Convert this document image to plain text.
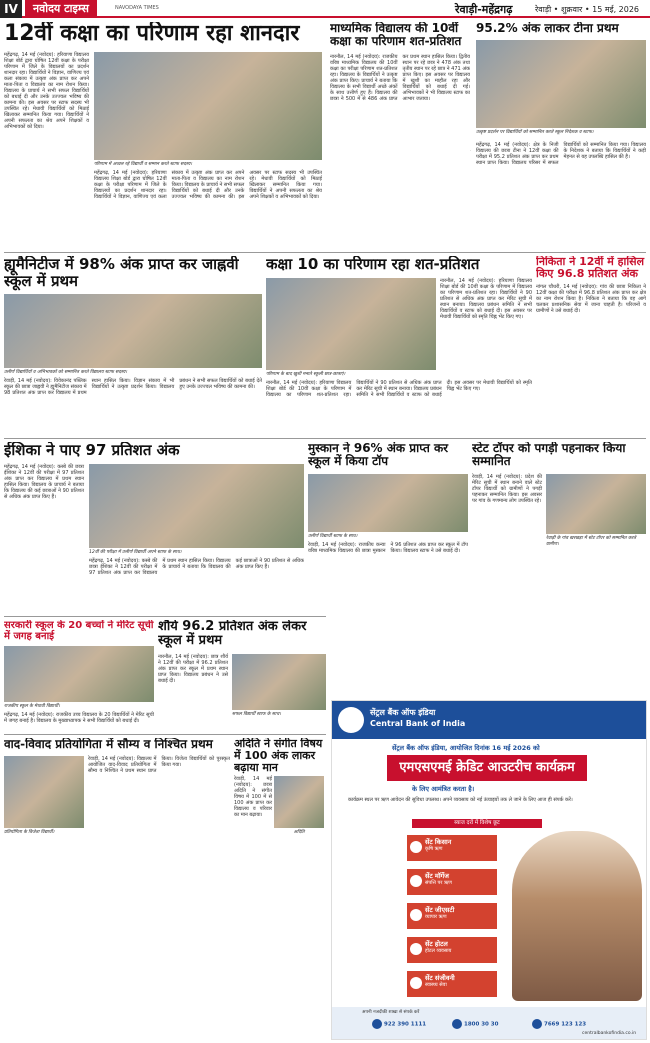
IV	नवोदय टाइम्स	NAVODAYA TIMES	रेवाड़ी-महेंद्रगढ़	रेवाड़ी • शुक्रवार • 15 मई, 2026
12वीं कक्षा का परिणाम रहा शानदार
महेंद्रगढ़, 14 मई (नवोदय): हरियाणा विद्यालय शिक्षा बोर्ड द्वारा घोषित 12वीं कक्षा के परीक्षा परिणाम में जिले के विद्यालयों का प्रदर्शन शानदार रहा। विद्यार्थियों ने विज्ञान, वाणिज्य एवं कला संकाय में उत्कृष्ट अंक प्राप्त कर अपने माता-पिता व विद्यालय का नाम रोशन किया। विद्यालय के प्राचार्य ने सभी सफल विद्यार्थियों को बधाई दी और उनके उज्ज्वल भविष्य की कामना की। इस अवसर पर स्टाफ सदस्य भी उपस्थित रहे। मेधावी विद्यार्थियों को मिठाई खिलाकर सम्मानित किया गया। विद्यार्थियों ने अपनी सफलता का श्रेय अपने शिक्षकों व अभिभावकों को दिया।
परिणाम में अव्वल रहे विद्यार्थी व सम्मान करते स्टाफ सदस्य।
महेंद्रगढ़, 14 मई (नवोदय): हरियाणा विद्यालय शिक्षा बोर्ड द्वारा घोषित 12वीं कक्षा के परीक्षा परिणाम में जिले के विद्यालयों का प्रदर्शन शानदार रहा। विद्यार्थियों ने विज्ञान, वाणिज्य एवं कला संकाय में उत्कृष्ट अंक प्राप्त कर अपने माता-पिता व विद्यालय का नाम रोशन किया। विद्यालय के प्राचार्य ने सभी सफल विद्यार्थियों को बधाई दी और उनके उज्ज्वल भविष्य की कामना की। इस अवसर पर स्टाफ सदस्य भी उपस्थित रहे। मेधावी विद्यार्थियों को मिठाई खिलाकर सम्मानित किया गया। विद्यार्थियों ने अपनी सफलता का श्रेय अपने शिक्षकों व अभिभावकों को दिया।
माध्यमिक विद्यालय की 10वीं कक्षा का परिणाम शत-प्रतिशत
नारनौल, 14 मई (नवोदय): राजकीय वरिष्ठ माध्यमिक विद्यालय की 10वीं कक्षा का परीक्षा परिणाम शत-प्रतिशत रहा। विद्यालय के विद्यार्थियों ने उत्कृष्ट अंक प्राप्त किए। प्राचार्य ने बताया कि विद्यालय के सभी विद्यार्थी अच्छे अंकों के साथ उत्तीर्ण हुए हैं। विद्यालय की छात्रा ने 500 में से 486 अंक प्राप्त कर प्रथम स्थान हासिल किया। द्वितीय स्थान पर रहे छात्र ने 478 अंक तथा तृतीय स्थान पर रहे छात्र ने 471 अंक प्राप्त किए। इस अवसर पर विद्यालय में खुशी का माहौल रहा और विद्यार्थियों को बधाई दी गई। अभिभावकों ने भी विद्यालय स्टाफ का आभार जताया।
95.2% अंक लाकर टीना प्रथम
उत्कृष्ट प्रदर्शन पर विद्यार्थियों को सम्मानित करते स्कूल निदेशक व स्टाफ।
महेंद्रगढ़, 14 मई (नवोदय): क्षेत्र के निजी विद्यालय की छात्रा टीना ने 12वीं कक्षा की परीक्षा में 95.2 प्रतिशत अंक प्राप्त कर प्रथम स्थान प्राप्त किया। विद्यालय परिसर में सफल विद्यार्थियों को सम्मानित किया गया। विद्यालय के निदेशक ने बताया कि विद्यार्थियों ने कड़ी मेहनत से यह उपलब्धि हासिल की है।
ह्यूमैनिटीज में 98% अंक प्राप्त कर जाह्नवी स्कूल में प्रथम
उत्तीर्ण विद्यार्थियों व अभिभावकों को सम्मानित करते विद्यालय स्टाफ सदस्य।
रेवाड़ी, 14 मई (नवोदय): विवेकानंद पब्लिक स्कूल की छात्रा जाह्नवी ने ह्यूमैनिटीज संकाय में 98 प्रतिशत अंक प्राप्त कर विद्यालय में प्रथम स्थान हासिल किया। विज्ञान संकाय में भी विद्यार्थियों ने उत्कृष्ट प्रदर्शन किया। विद्यालय प्रबंधन ने सभी सफल विद्यार्थियों को बधाई देते हुए उनके उज्ज्वल भविष्य की कामना की।
कक्षा 10 का परिणाम रहा शत-प्रतिशत
परिणाम के बाद खुशी मनाते स्कूली छात्र-छात्राएं।
नारनौल, 14 मई (नवोदय): हरियाणा विद्यालय शिक्षा बोर्ड की 10वीं कक्षा के परिणाम में विद्यालय का परिणाम शत-प्रतिशत रहा। विद्यार्थियों ने 90 प्रतिशत से अधिक अंक प्राप्त कर मेरिट सूची में स्थान बनाया। विद्यालय प्रबंधन समिति ने सभी विद्यार्थियों व स्टाफ को बधाई दी। इस अवसर पर मेधावी विद्यार्थियों को स्मृति चिह्न भेंट किए गए।
नारनौल, 14 मई (नवोदय): हरियाणा विद्यालय शिक्षा बोर्ड की 10वीं कक्षा के परिणाम में विद्यालय का परिणाम शत-प्रतिशत रहा। विद्यार्थियों ने 90 प्रतिशत से अधिक अंक प्राप्त कर मेरिट सूची में स्थान बनाया। विद्यालय प्रबंधन समिति ने सभी विद्यार्थियों व स्टाफ को बधाई दी। इस अवसर पर मेधावी विद्यार्थियों को स्मृति चिह्न भेंट किए गए।
निकिता ने 12वीं में हासिल किए 96.8 प्रतिशत अंक
नांगल चौधरी, 14 मई (नवोदय): गांव की छात्रा निकिता ने 12वीं कक्षा की परीक्षा में 96.8 प्रतिशत अंक प्राप्त कर क्षेत्र का नाम रोशन किया है। निकिता ने बताया कि वह आगे चलकर प्रशासनिक सेवा में जाना चाहती है। परिजनों व ग्रामीणों ने उसे बधाई दी।
ईशिका ने पाए 97 प्रतिशत अंक
महेंद्रगढ़, 14 मई (नवोदय): कस्बे की छात्रा ईशिका ने 12वीं की परीक्षा में 97 प्रतिशत अंक प्राप्त कर विद्यालय में प्रथम स्थान हासिल किया। विद्यालय के प्राचार्य ने बताया कि विद्यालय की कई छात्राओं ने 90 प्रतिशत से अधिक अंक प्राप्त किए हैं।
12वीं की परीक्षा में उत्तीर्ण विद्यार्थी अपने स्टाफ के साथ।
महेंद्रगढ़, 14 मई (नवोदय): कस्बे की छात्रा ईशिका ने 12वीं की परीक्षा में 97 प्रतिशत अंक प्राप्त कर विद्यालय में प्रथम स्थान हासिल किया। विद्यालय के प्राचार्य ने बताया कि विद्यालय की कई छात्राओं ने 90 प्रतिशत से अधिक अंक प्राप्त किए हैं।
मुस्कान ने 96% अंक प्राप्त कर स्कूल में किया टॉप
उत्तीर्ण विद्यार्थी स्टाफ के साथ।
रेवाड़ी, 14 मई (नवोदय): राजकीय कन्या वरिष्ठ माध्यमिक विद्यालय की छात्रा मुस्कान ने 96 प्रतिशत अंक प्राप्त कर स्कूल में टॉप किया। विद्यालय स्टाफ ने उसे बधाई दी।
स्टेट टॉपर को पगड़ी पहनाकर किया सम्मानित
रेवाड़ी, 14 मई (नवोदय): प्रदेश की मेरिट सूची में स्थान बनाने वाले स्टेट टॉपर विद्यार्थी को ग्रामीणों ने पगड़ी पहनाकर सम्मानित किया। इस अवसर पर गांव के गणमान्य लोग उपस्थित रहे।
रेवाड़ी के गांव खरखड़ा में स्टेट टॉपर को सम्मानित करते ग्रामीण।
सरकारी स्कूल के 20 बच्चों ने मेरिट सूची में जगह बनाई
राजकीय स्कूल के मेधावी विद्यार्थी।
महेंद्रगढ़, 14 मई (नवोदय): राजकीय उच्च विद्यालय के 20 विद्यार्थियों ने मेरिट सूची में जगह बनाई है। विद्यालय के मुख्याध्यापक ने सभी विद्यार्थियों को बधाई दी।
शौर्य 96.2 प्रतिशत अंक लेकर स्कूल में प्रथम
नारनौल, 14 मई (नवोदय): छात्र शौर्य ने 12वीं की परीक्षा में 96.2 प्रतिशत अंक प्राप्त कर स्कूल में प्रथम स्थान प्राप्त किया। विद्यालय प्रबंधन ने उसे बधाई दी।
सफल विद्यार्थी स्टाफ के साथ।
वाद-विवाद प्रतियोगिता में सौम्य व निश्चित प्रथम
प्रतियोगिता के विजेता विद्यार्थी।
रेवाड़ी, 14 मई (नवोदय): विद्यालय में आयोजित वाद-विवाद प्रतियोगिता में सौम्य व निश्चित ने प्रथम स्थान प्राप्त किया। विजेता विद्यार्थियों को पुरस्कृत किया गया।
अदिति ने संगीत विषय में 100 अंक लाकर बढ़ाया मान
अदिति
रेवाड़ी, 14 मई (नवोदय): छात्रा अदिति ने संगीत विषय में 100 में से 100 अंक प्राप्त कर विद्यालय व परिवार का मान बढ़ाया।
सेंट्रल बैंक ऑफ इंडिया
Central Bank of India
सेंट्रल बैंक ऑफ इंडिया, आयोजित दिनांक 16 मई 2026 को
एमएसएमई क्रेडिट आउटरीच कार्यक्रम
के लिए आमंत्रित करता है।
कार्यक्रम स्थल पर ऋण आवेदन की सुविधा उपलब्ध। अपने व्यवसाय को नई ऊंचाइयों तक ले जाने के लिए आज ही संपर्क करें।
ब्याज दरों में विशेष छूट
सेंट किसान
कृषि ऋण
सेंट मॉर्गेज
संपत्ति पर ऋण
सेंट जीएसटी
व्यापार ऋण
सेंट होटल
होटल व्यवसाय
सेंट संजीवनी
स्वास्थ्य सेवा
अपनी नजदीकी शाखा से संपर्क करें
922 390 1111	1800 30 30	7669 123 123
centralbankofindia.co.in
